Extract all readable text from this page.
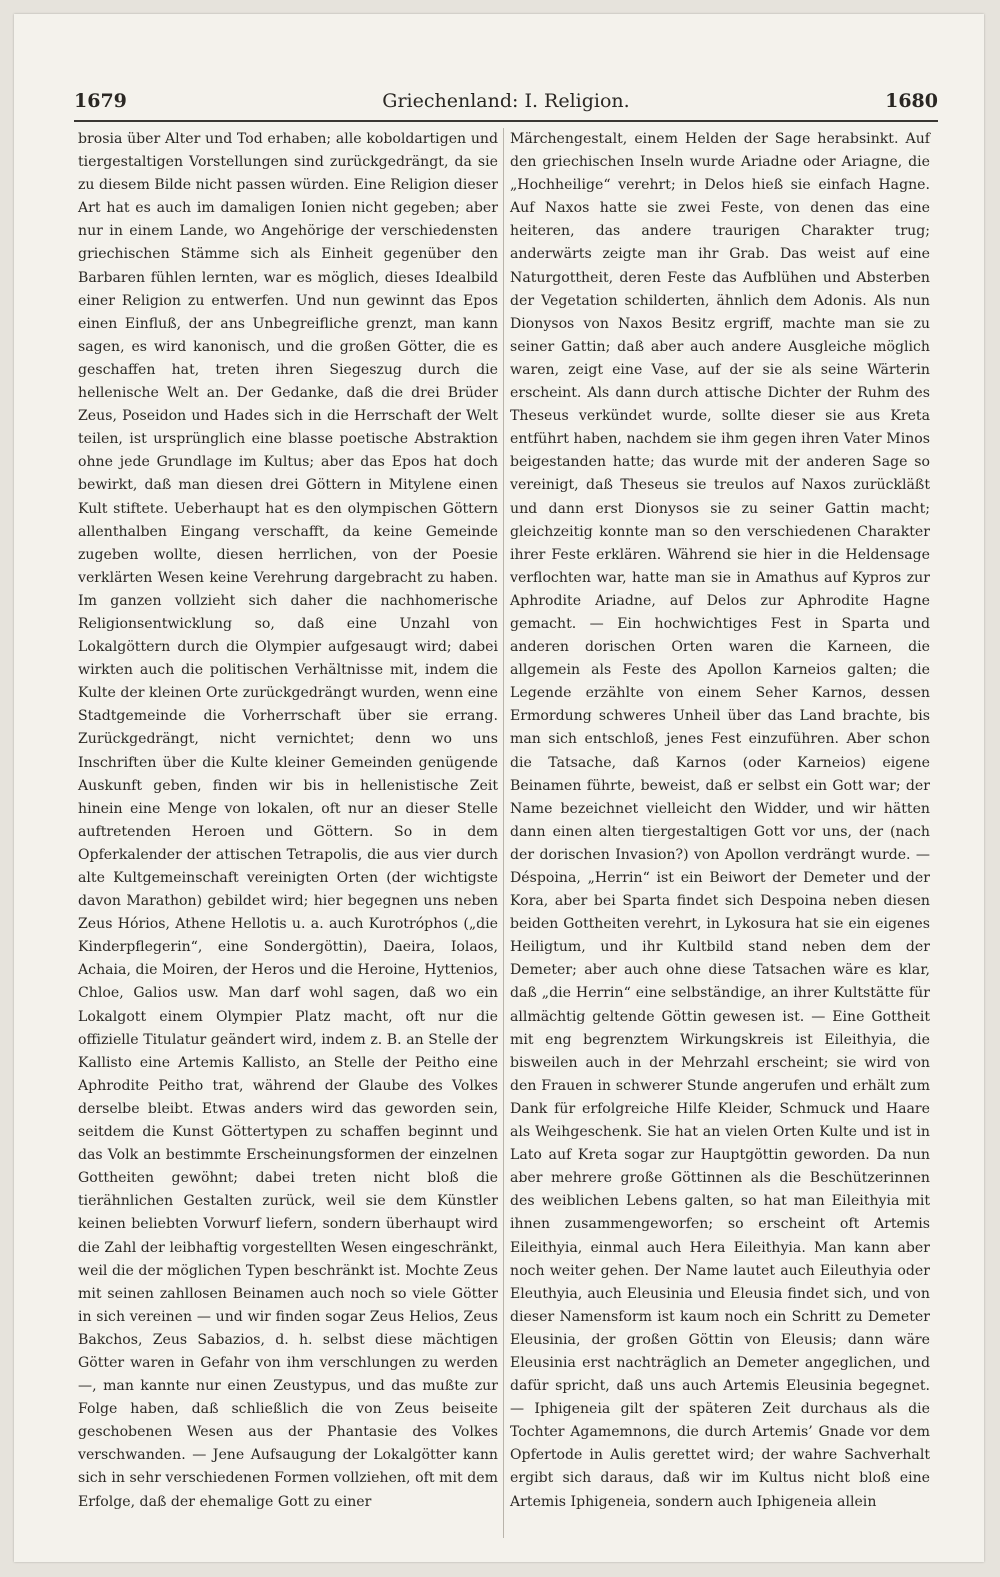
1679	Griechenland: I. Religion.	1680

brosia über Alter und Tod erhaben; alle koboldartigen und tiergestaltigen Vorstellungen sind zurückgedrängt, da sie zu diesem Bilde nicht passen würden. Eine Religion dieser Art hat es auch im damaligen Ionien nicht gegeben; aber nur in einem Lande, wo Angehörige der verschiedensten griechischen Stämme sich als Einheit gegenüber den Barbaren fühlen lernten, war es möglich, dieses Idealbild einer Religion zu entwerfen. Und nun gewinnt das Epos einen Einfluß, der ans Unbegreifliche grenzt, man kann sagen, es wird kanonisch, und die großen Götter, die es geschaffen hat, treten ihren Siegeszug durch die hellenische Welt an. Der Gedanke, daß die drei Brüder Zeus, Poseidon und Hades sich in die Herrschaft der Welt teilen, ist ursprünglich eine blasse poetische Abstraktion ohne jede Grundlage im Kultus; aber das Epos hat doch bewirkt, daß man diesen drei Göttern in Mitylene einen Kult stiftete. Ueberhaupt hat es den olympischen Göttern allenthalben Eingang verschafft, da keine Gemeinde zugeben wollte, diesen herrlichen, von der Poesie verklärten Wesen keine Verehrung dargebracht zu haben. Im ganzen vollzieht sich daher die nachhomerische Religionsentwicklung so, daß eine Unzahl von Lokalgöttern durch die Olympier aufgesaugt wird; dabei wirkten auch die politischen Verhältnisse mit, indem die Kulte der kleinen Orte zurückgedrängt wurden, wenn eine Stadtgemeinde die Vorherrschaft über sie errang. Zurückgedrängt, nicht vernichtet; denn wo uns Inschriften über die Kulte kleiner Gemeinden genügende Auskunft geben, finden wir bis in hellenistische Zeit hinein eine Menge von lokalen, oft nur an dieser Stelle auftretenden Heroen und Göttern. So in dem Opferkalender der attischen Tetrapolis, die aus vier durch alte Kultgemeinschaft vereinigten Orten (der wichtigste davon Marathon) gebildet wird; hier begegnen uns neben Zeus Hórios, Athene Hellotis u. a. auch Kurotróphos („die Kinderpflegerin“, eine Sondergöttin), Daeira, Iolaos, Achaia, die Moiren, der Heros und die Heroine, Hyttenios, Chloe, Galios usw. Man darf wohl sagen, daß wo ein Lokalgott einem Olympier Platz macht, oft nur die offizielle Titulatur geändert wird, indem z. B. an Stelle der Kallisto eine Artemis Kallisto, an Stelle der Peitho eine Aphrodite Peitho trat, während der Glaube des Volkes derselbe bleibt. Etwas anders wird das geworden sein, seitdem die Kunst Göttertypen zu schaffen beginnt und das Volk an bestimmte Erscheinungsformen der einzelnen Gottheiten gewöhnt; dabei treten nicht bloß die tierähnlichen Gestalten zurück, weil sie dem Künstler keinen beliebten Vorwurf liefern, sondern überhaupt wird die Zahl der leibhaftig vorgestellten Wesen eingeschränkt, weil die der möglichen Typen beschränkt ist. Mochte Zeus mit seinen zahllosen Beinamen auch noch so viele Götter in sich vereinen — und wir finden sogar Zeus Helios, Zeus Bakchos, Zeus Sabazios, d. h. selbst diese mächtigen Götter waren in Gefahr von ihm verschlungen zu werden —, man kannte nur einen Zeustypus, und das mußte zur Folge haben, daß schließlich die von Zeus beiseite geschobenen Wesen aus der Phantasie des Volkes verschwanden. — Jene Aufsaugung der Lokalgötter kann sich in sehr verschiedenen Formen vollziehen, oft mit dem Erfolge, daß der ehemalige Gott zu einer

Märchengestalt, einem Helden der Sage herabsinkt. Auf den griechischen Inseln wurde Ariadne oder Ariagne, die „Hochheilige“ verehrt; in Delos hieß sie einfach Hagne. Auf Naxos hatte sie zwei Feste, von denen das eine heiteren, das andere traurigen Charakter trug; anderwärts zeigte man ihr Grab. Das weist auf eine Naturgottheit, deren Feste das Aufblühen und Absterben der Vegetation schilderten, ähnlich dem Adonis. Als nun Dionysos von Naxos Besitz ergriff, machte man sie zu seiner Gattin; daß aber auch andere Ausgleiche möglich waren, zeigt eine Vase, auf der sie als seine Wärterin erscheint. Als dann durch attische Dichter der Ruhm des Theseus verkündet wurde, sollte dieser sie aus Kreta entführt haben, nachdem sie ihm gegen ihren Vater Minos beigestanden hatte; das wurde mit der anderen Sage so vereinigt, daß Theseus sie treulos auf Naxos zurückläßt und dann erst Dionysos sie zu seiner Gattin macht; gleichzeitig konnte man so den verschiedenen Charakter ihrer Feste erklären. Während sie hier in die Heldensage verflochten war, hatte man sie in Amathus auf Kypros zur Aphrodite Ariadne, auf Delos zur Aphrodite Hagne gemacht. — Ein hochwichtiges Fest in Sparta und anderen dorischen Orten waren die Karneen, die allgemein als Feste des Apollon Karneios galten; die Legende erzählte von einem Seher Karnos, dessen Ermordung schweres Unheil über das Land brachte, bis man sich entschloß, jenes Fest einzuführen. Aber schon die Tatsache, daß Karnos (oder Karneios) eigene Beinamen führte, beweist, daß er selbst ein Gott war; der Name bezeichnet vielleicht den Widder, und wir hätten dann einen alten tiergestaltigen Gott vor uns, der (nach der dorischen Invasion?) von Apollon verdrängt wurde. — Déspoina, „Herrin“ ist ein Beiwort der Demeter und der Kora, aber bei Sparta findet sich Despoina neben diesen beiden Gottheiten verehrt, in Lykosura hat sie ein eigenes Heiligtum, und ihr Kultbild stand neben dem der Demeter; aber auch ohne diese Tatsachen wäre es klar, daß „die Herrin“ eine selbständige, an ihrer Kultstätte für allmächtig geltende Göttin gewesen ist. — Eine Gottheit mit eng begrenztem Wirkungskreis ist Eileithyia, die bisweilen auch in der Mehrzahl erscheint; sie wird von den Frauen in schwerer Stunde angerufen und erhält zum Dank für erfolgreiche Hilfe Kleider, Schmuck und Haare als Weihgeschenk. Sie hat an vielen Orten Kulte und ist in Lato auf Kreta sogar zur Hauptgöttin geworden. Da nun aber mehrere große Göttinnen als die Beschützerinnen des weiblichen Lebens galten, so hat man Eileithyia mit ihnen zusammengeworfen; so erscheint oft Artemis Eileithyia, einmal auch Hera Eileithyia. Man kann aber noch weiter gehen. Der Name lautet auch Eileuthyia oder Eleuthyia, auch Eleusinia und Eleusia findet sich, und von dieser Namensform ist kaum noch ein Schritt zu Demeter Eleusinia, der großen Göttin von Eleusis; dann wäre Eleusinia erst nachträglich an Demeter angeglichen, und dafür spricht, daß uns auch Artemis Eleusinia begegnet. — Iphigeneia gilt der späteren Zeit durchaus als die Tochter Agamemnons, die durch Artemis’ Gnade vor dem Opfertode in Aulis gerettet wird; der wahre Sachverhalt ergibt sich daraus, daß wir im Kultus nicht bloß eine Artemis Iphigeneia, sondern auch Iphigeneia allein
